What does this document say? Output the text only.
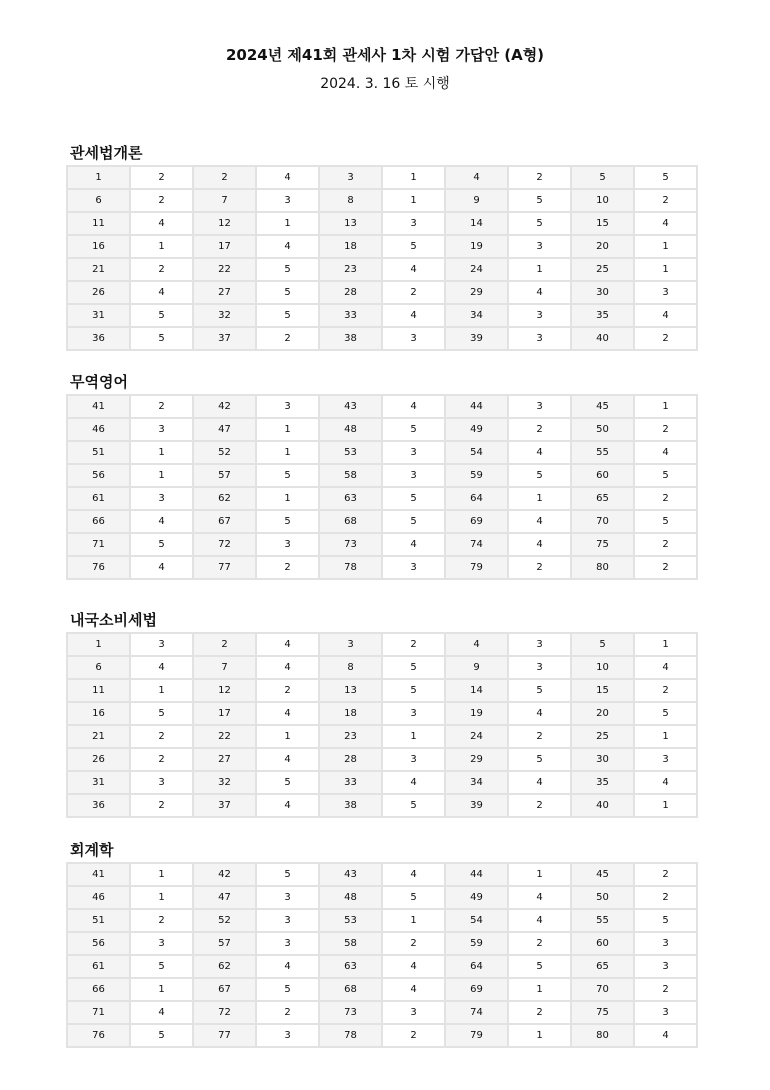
2024년 제41회 관세사 1차 시험 가답안 (A형)
2024. 3. 16 토 시행
관세법개론
1	2	2	4	3	1	4	2	5	5
6	2	7	3	8	1	9	5	10	2
11	4	12	1	13	3	14	5	15	4
16	1	17	4	18	5	19	3	20	1
21	2	22	5	23	4	24	1	25	1
26	4	27	5	28	2	29	4	30	3
31	5	32	5	33	4	34	3	35	4
36	5	37	2	38	3	39	3	40	2
무역영어
41	2	42	3	43	4	44	3	45	1
46	3	47	1	48	5	49	2	50	2
51	1	52	1	53	3	54	4	55	4
56	1	57	5	58	3	59	5	60	5
61	3	62	1	63	5	64	1	65	2
66	4	67	5	68	5	69	4	70	5
71	5	72	3	73	4	74	4	75	2
76	4	77	2	78	3	79	2	80	2
내국소비세법
1	3	2	4	3	2	4	3	5	1
6	4	7	4	8	5	9	3	10	4
11	1	12	2	13	5	14	5	15	2
16	5	17	4	18	3	19	4	20	5
21	2	22	1	23	1	24	2	25	1
26	2	27	4	28	3	29	5	30	3
31	3	32	5	33	4	34	4	35	4
36	2	37	4	38	5	39	2	40	1
회계학
41	1	42	5	43	4	44	1	45	2
46	1	47	3	48	5	49	4	50	2
51	2	52	3	53	1	54	4	55	5
56	3	57	3	58	2	59	2	60	3
61	5	62	4	63	4	64	5	65	3
66	1	67	5	68	4	69	1	70	2
71	4	72	2	73	3	74	2	75	3
76	5	77	3	78	2	79	1	80	4
